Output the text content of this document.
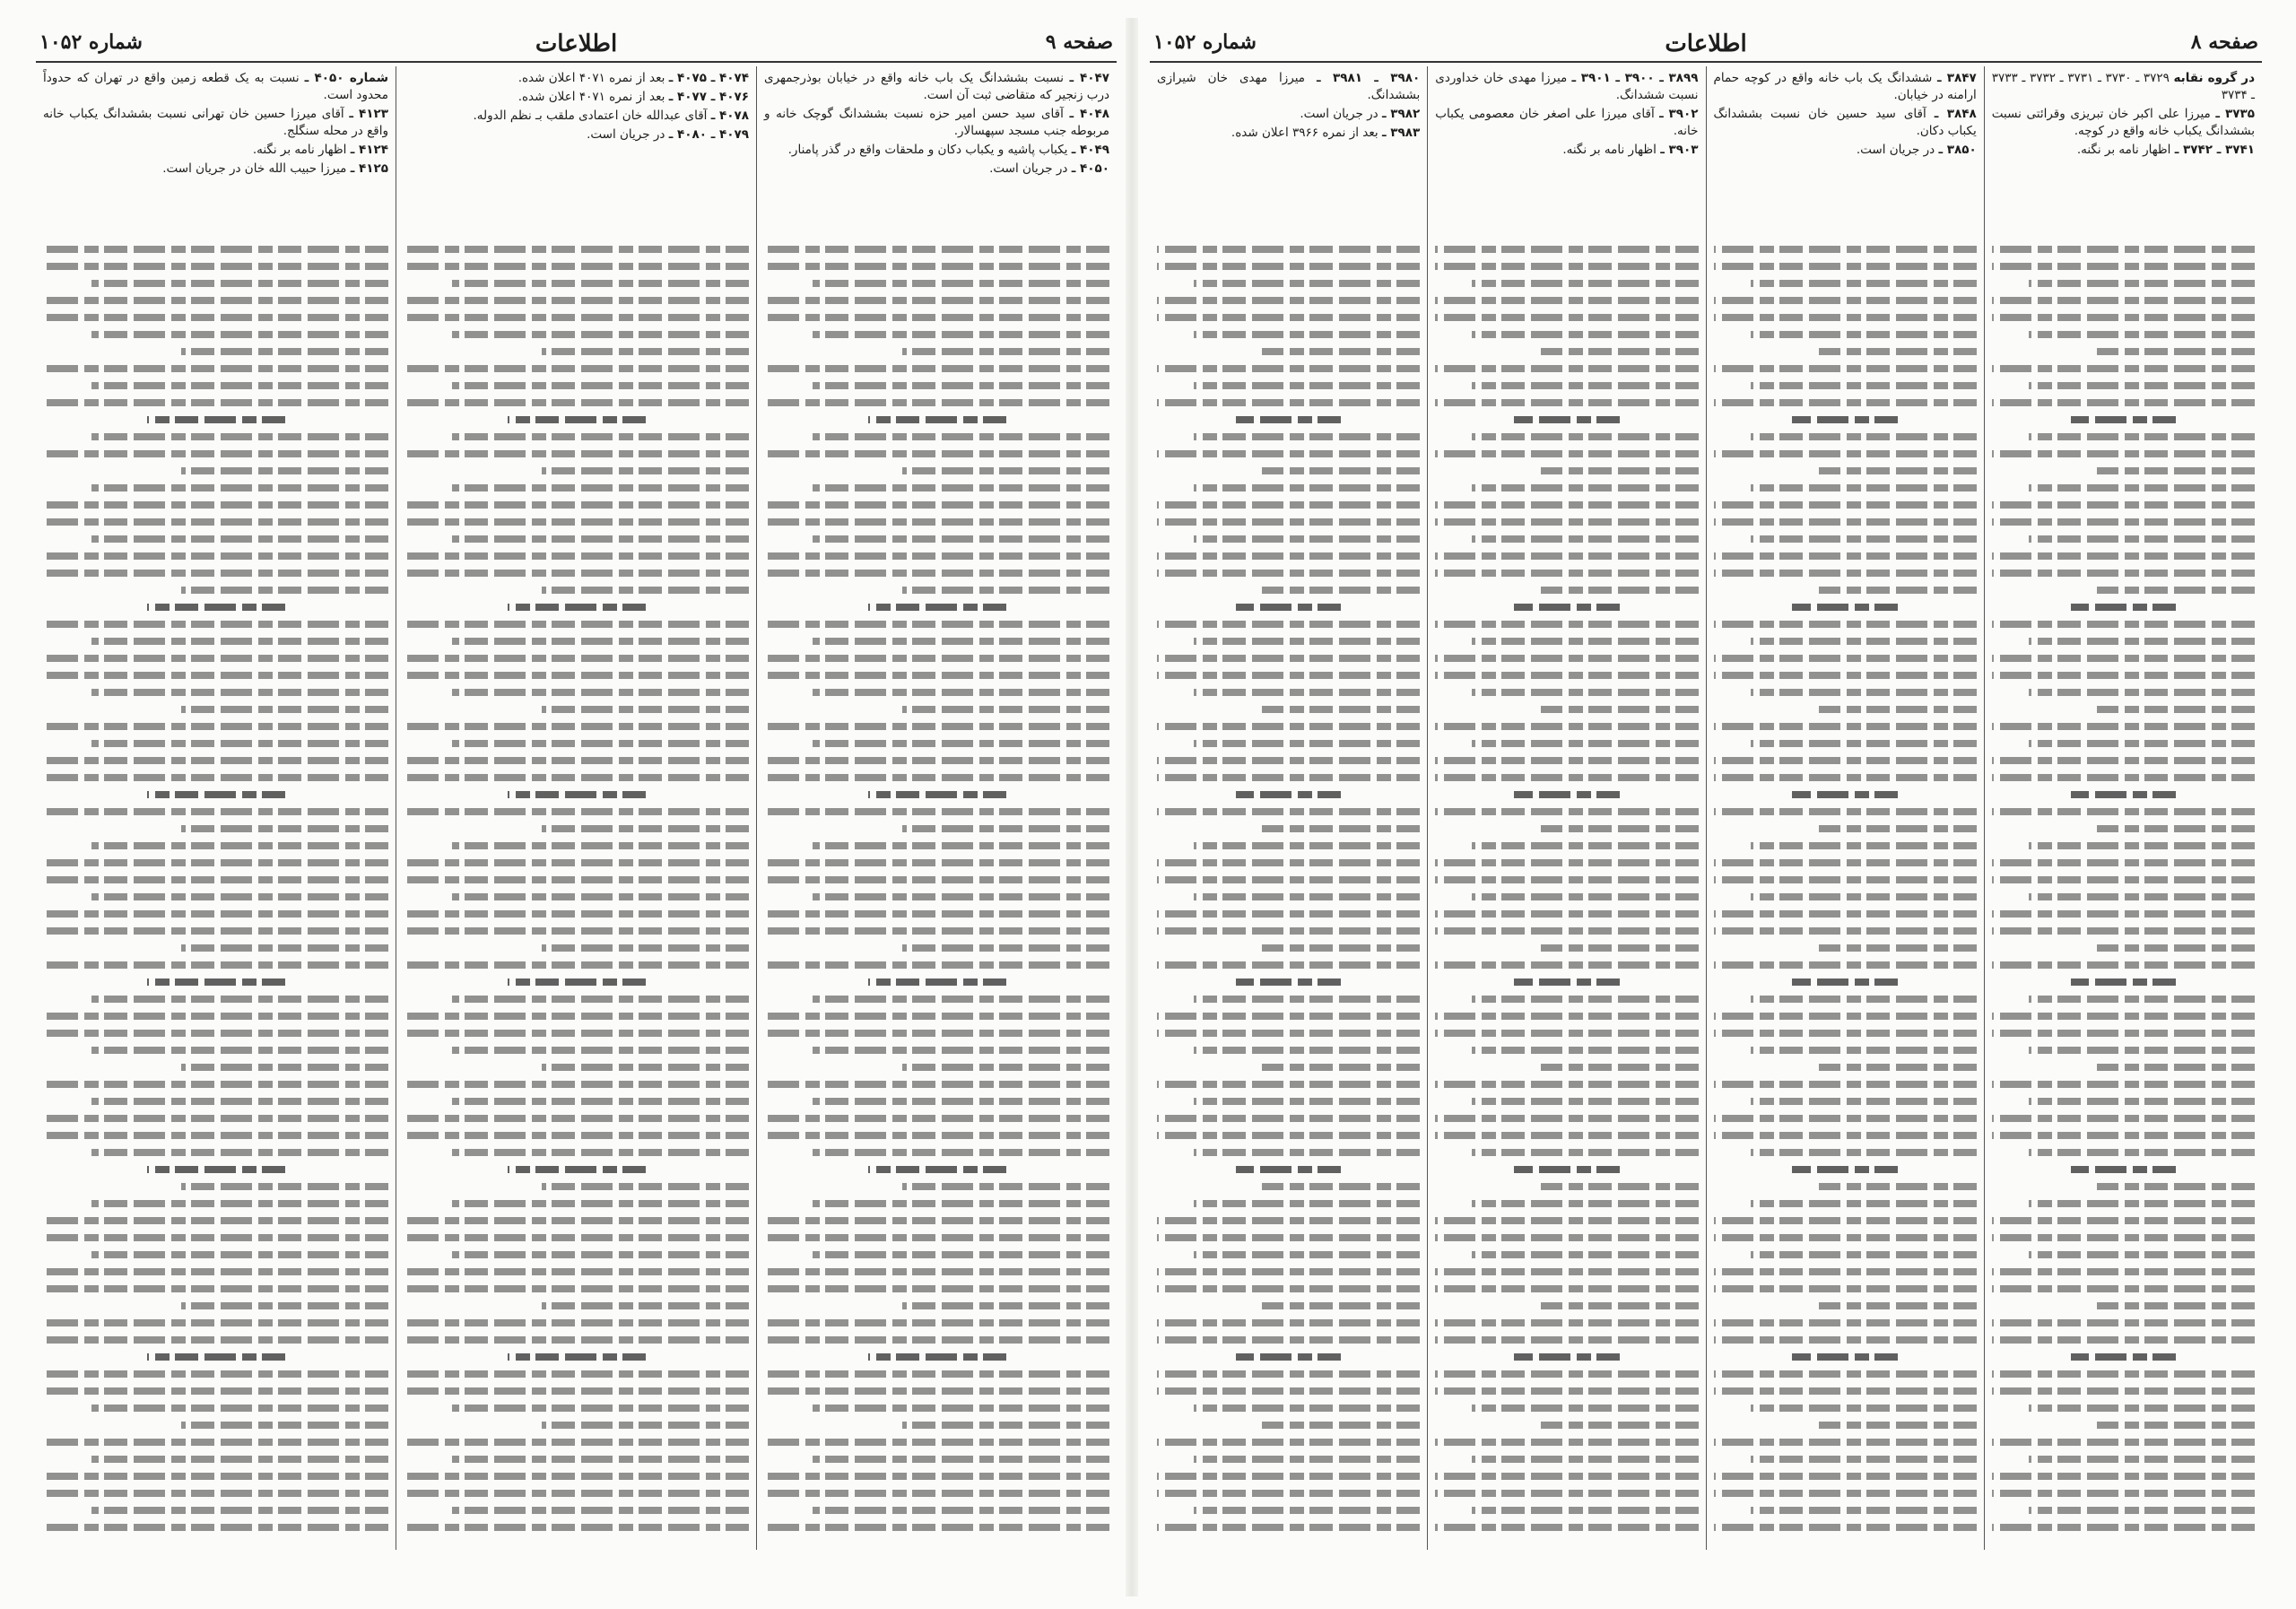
صفحه ۹
اطلاعات
شماره ۱۰۵۲

۴۰۴۷ ـ نسبت بششدانگ یک باب خانه واقع در خیابان بوذرجمهری درب زنجیر که متقاضی ثبت آن است.

۴۰۴۸ ـ آقای سید حسن امیر حزه نسبت بششدانگ گوچک خانه و مربوطه جنب مسجد سپهسالار.

۴۰۴۹ ـ یکباب پاشیه و یکباب دکان و ملحقات واقع در گذر پامنار.

۴۰۵۰ ـ در جریان است.

۴۰۷۴ ـ ۴۰۷۵ ـ بعد از نمره ۴۰۷۱ اعلان شده.

۴۰۷۶ ـ ۴۰۷۷ ـ بعد از نمره ۴۰۷۱ اعلان شده.

۴۰۷۸ ـ آقای عبدالله خان اعتمادی ملقب بـ نظم الدوله.

۴۰۷۹ ـ ۴۰۸۰ ـ در جریان است.

شماره ۴۰۵۰ ـ نسبت به یک قطعه زمین واقع در تهران که حدوداً محدود است.

۴۱۲۳ ـ آقای میرزا حسین خان تهرانی نسبت بششدانگ یکباب خانه واقع در محله سنگلج.

۴۱۲۴ ـ اظهار نامه بر نگنه.

۴۱۲۵ ـ میرزا حبیب الله خان در جریان است.

صفحه ۸
اطلاعات
شماره ۱۰۵۲

در گروه نقابه ۳۷۲۹ ـ ۳۷۳۰ ـ ۳۷۳۱ ـ ۳۷۳۲ ـ ۳۷۳۳ ـ ۳۷۳۴

۳۷۳۵ ـ میرزا علی اکبر خان تبریزی وقرائتی نسبت بششدانگ یکباب خانه واقع در کوچه.

۳۷۴۱ ـ ۳۷۴۲ ـ اظهار نامه بر نگنه.

۳۸۴۷ ـ ششدانگ یک باب خانه واقع در کوچه حمام ارامنه در خیابان.

۳۸۴۸ ـ آقای سید حسین خان نسبت بششدانگ یکباب دکان.

۳۸۵۰ ـ در جریان است.

۳۸۹۹ ـ ۳۹۰۰ ـ ۳۹۰۱ ـ میرزا مهدی خان خداوردی نسبت ششدانگ.

۳۹۰۲ ـ آقای میرزا علی اصغر خان معصومی یکباب خانه.

۳۹۰۳ ـ اظهار نامه بر نگنه.

۳۹۸۰ ـ ۳۹۸۱ ـ میرزا مهدی خان شیرازی بششدانگ.

۳۹۸۲ ـ در جریان است.

۳۹۸۳ ـ بعد از نمره ۳۹۶۶ اعلان شده.
